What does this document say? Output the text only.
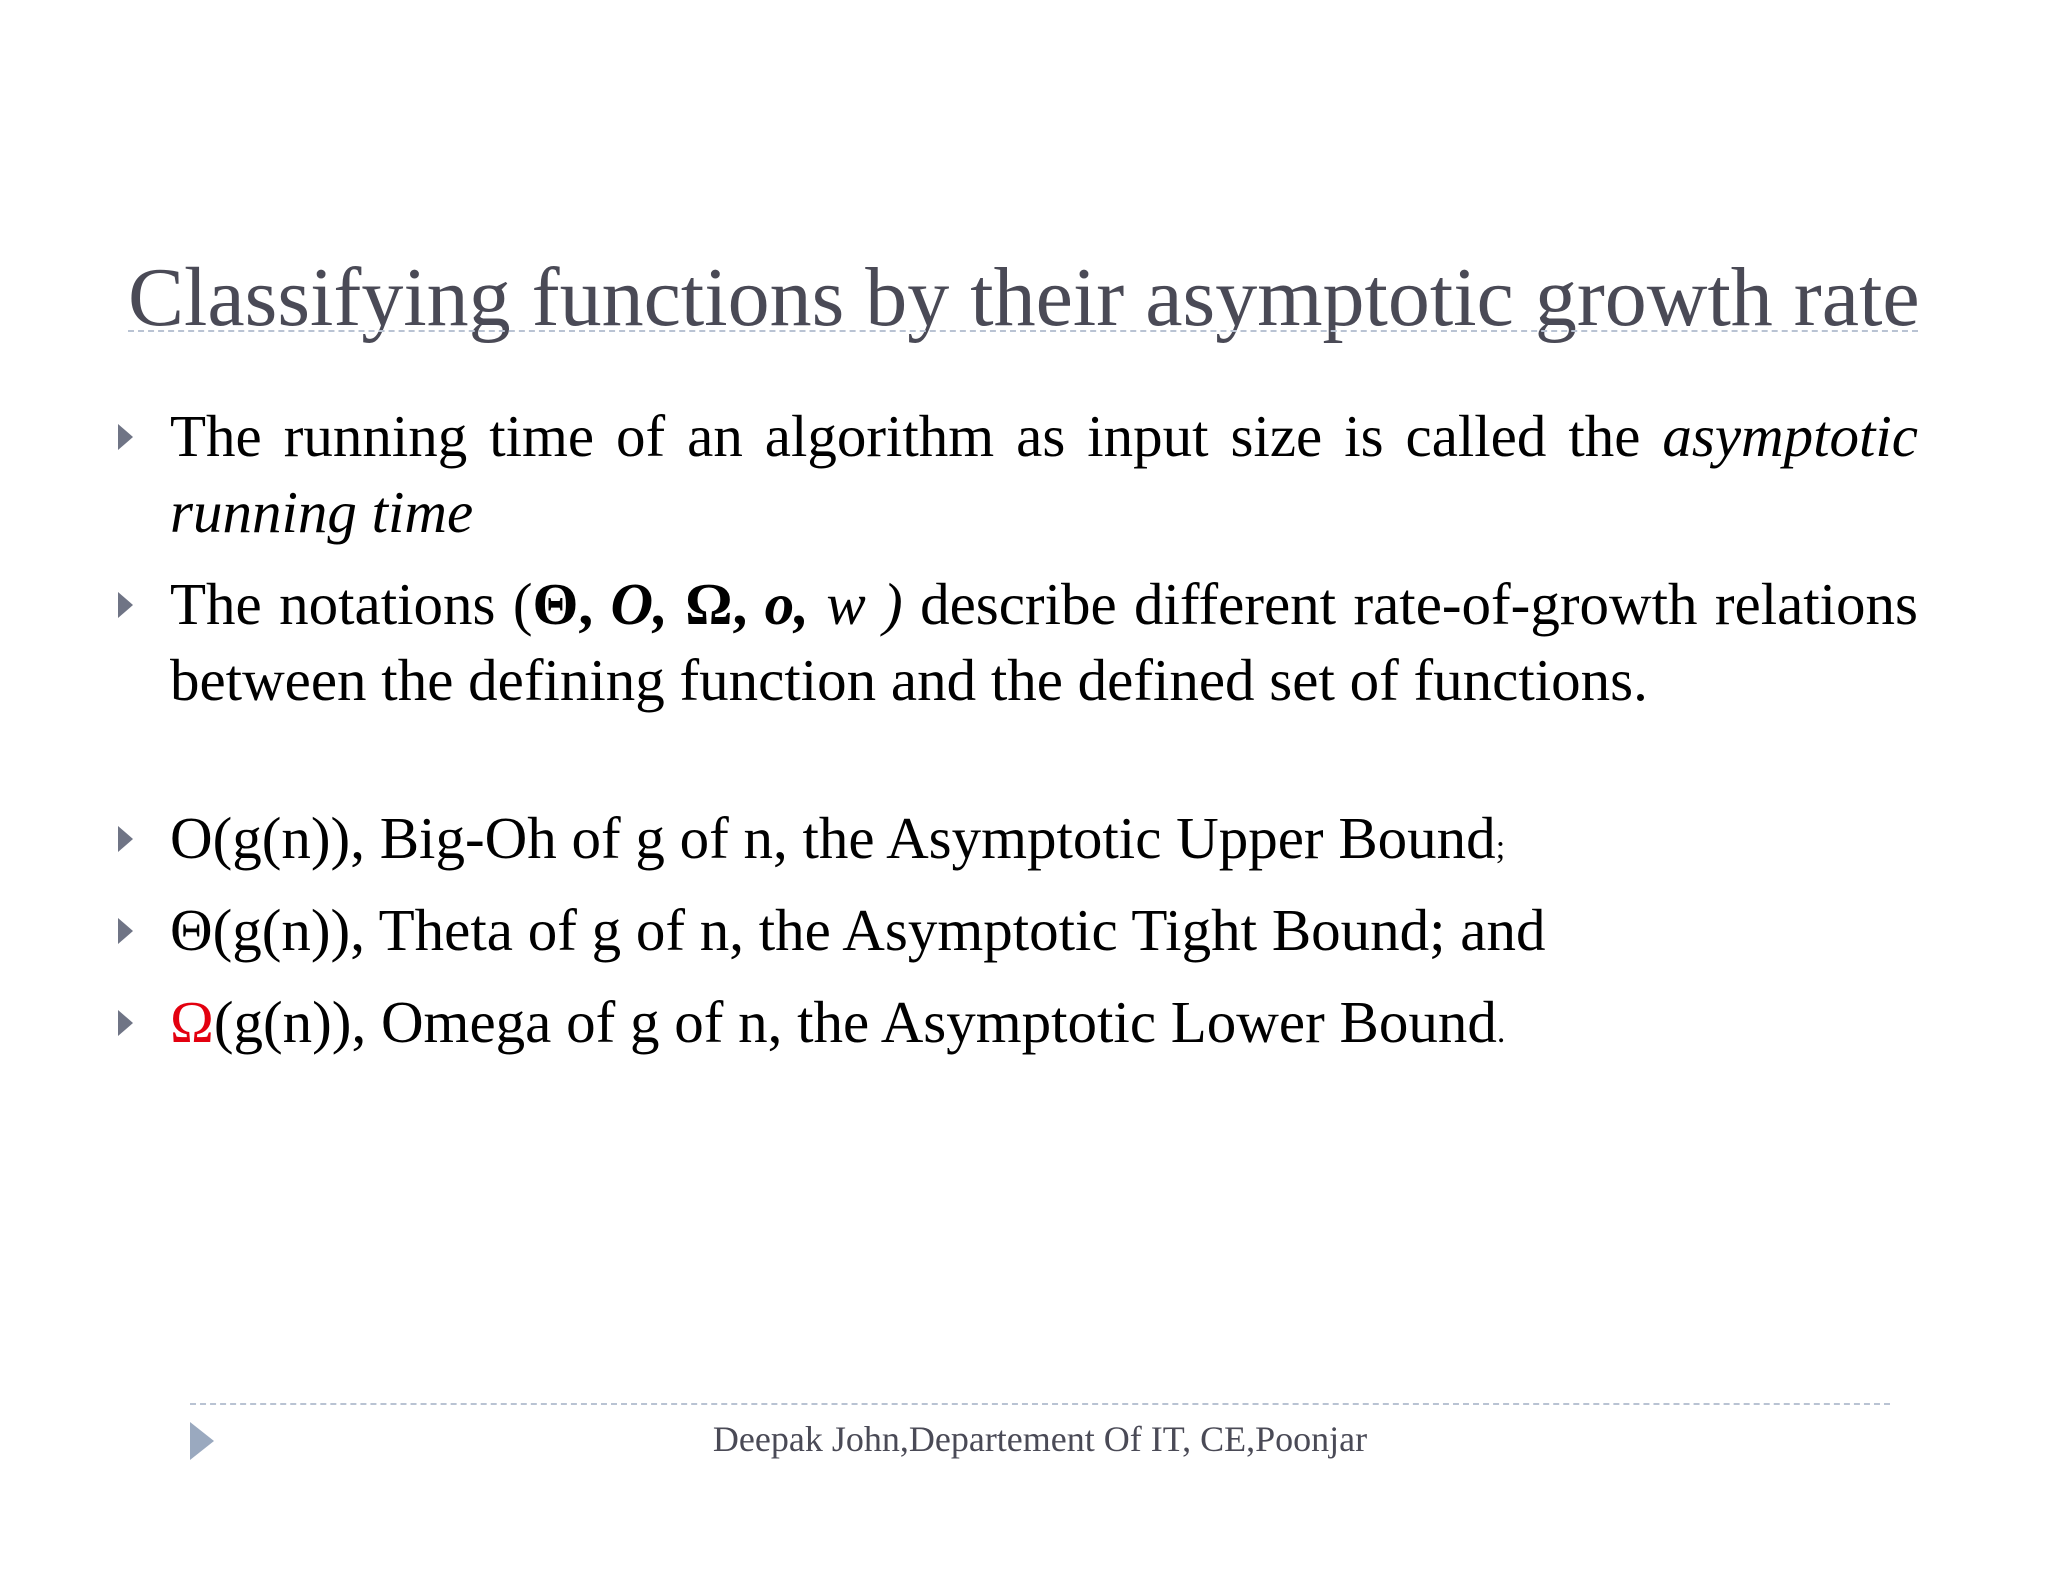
Classifying functions by their asymptotic growth rate
The running time of an algorithm as input size is called the asymptotic running time
The notations (Θ, O, Ω, o, w ) describe different rate-of-growth relations between the defining function and the defined set of functions.
O(g(n)), Big-Oh of g of n, the Asymptotic Upper Bound;
Θ(g(n)), Theta of g of n, the Asymptotic Tight Bound; and
Ω(g(n)), Omega of g of n, the Asymptotic Lower Bound.
Deepak John,Departement Of IT, CE,Poonjar
